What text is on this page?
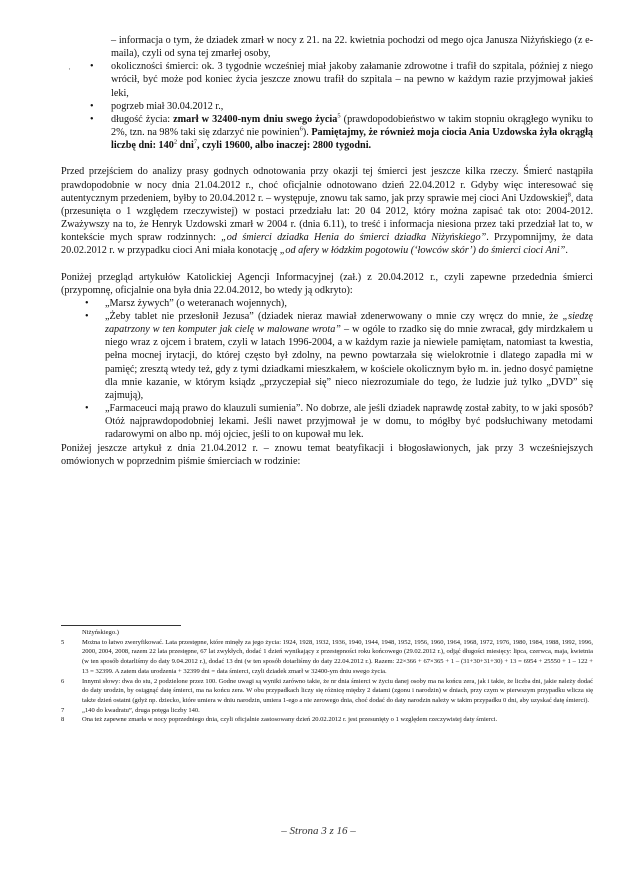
·
– informacja o tym, że dziadek zmarł w nocy z 21. na 22. kwietnia pochodzi od mego ojca Janusza Niżyńskiego (z e-maila), czyli od syna tej zmarłej osoby,
• okoliczności śmierci: ok. 3 tygodnie wcześniej miał jakoby załamanie zdrowotne i trafił do szpitala, później z niego wrócił, być może pod koniec życia jeszcze znowu trafił do szpitala – na pewno w każdym razie przyjmował jakieś leki,
• pogrzeb miał 30.04.2012 r.,
• długość życia: zmarł w 32400-nym dniu swego życia$^5$ (prawdopodobieństwo w takim stopniu okrągłego wyniku to 2%, tzn. na 98% taki się zdarzyć nie powinien$^6$). Pamiętajmy, że również moja ciocia Ania Uzdowska żyła okrągłą liczbę dni: $140^2$ dni$^7$, czyli 19600, albo inaczej: 2800 tygodni.

Przed przejściem do analizy prasy godnych odnotowania przy okazji tej śmierci jest jeszcze kilka rzeczy. Śmierć nastąpiła prawdopodobnie w nocy dnia 21.04.2012 r., choć oficjalnie odnotowano dzień 22.04.2012 r. Gdyby więc interesować się autentycznym przedeniem, byłby to 20.04.2012 r. – występuje, znowu tak samo, jak przy sprawie mej cioci Ani Uzdowskiej$^8$, data (przesunięta o 1 względem rzeczywistej) w postaci przedziału lat: 20 04 2012, który można zapisać tak oto: 2004-2012. Zważywszy na to, że Henryk Uzdowski zmarł w 2004 r. (dnia 6.11), to treść i informacja niesiona przez taki przedział lat to, w kontekście mych spraw rodzinnych: „od śmierci dziadka Henia do śmierci dziadka Niżyńskiego”. Przypomnijmy, że data 20.02.2012 r. w przypadku cioci Ani miała konotację „od afery w łódzkim pogotowiu (‘łowców skór’) do śmierci cioci Ani”.

Poniżej przegląd artykułów Katolickiej Agencji Informacyjnej (zał.) z 20.04.2012 r., czyli zapewne przedednia śmierci (przypomnę, oficjalnie ona była dnia 22.04.2012, bo wtedy ją odkryto):

• „Marsz żywych” (o weteranach wojennych),
• „Żeby tablet nie przesłonił Jezusa” (dziadek nieraz mawiał zdenerwowany o mnie czy wręcz do mnie, że „siedzę zapatrzony w ten komputer jak cielę w malowane wrota” – w ogóle to rzadko się do mnie zwracał, gdy mirdzkałem u niego wraz z ojcem i bratem, czyli w latach 1996-2004, a w każdym razie ja niewiele pamiętam, natomiast ta kwestia, pełna mocnej irytacji, do której często był zdolny, na pewno powtarzała się wielokrotnie i dlatego zapadła mi w pamięć; zresztą wtedy też, gdy z tymi dziadkami mieszkałem, w kościele okolicznym było m. in. jedno dosyć pamiętne dla mnie kazanie, w którym ksiądz „przyczepiał się” nieco niezrozumiale do tego, że ludzie już tylko „DVD” się zajmują),
• „Farmaceuci mają prawo do klauzuli sumienia”. No dobrze, ale jeśli dziadek naprawdę został zabity, to w jaki sposób? Otóż najprawdopodobniej lekami. Jeśli nawet przyjmował je w domu, to mógłby być podsłuchiwany metodami radarowymi on albo np. mój ojciec, jeśli to on kupował mu lek.

Poniżej jeszcze artykuł z dnia 21.04.2012 r. – znowu temat beatyfikacji i błogosławionych, jak przy 3 wcześniejszych omówionych w poprzednim piśmie śmierciach w rodzinie:

Niżyńskiego.)
5	Można to łatwo zweryfikować. Lata przestępne, które minęły za jego życia: 1924, 1928, 1932, 1936, 1940, 1944, 1948, 1952, 1956, 1960, 1964, 1968, 1972, 1976, 1980, 1984, 1988, 1992, 1996, 2000, 2004, 2008, razem 22 lata przestępne, 67 lat zwykłych, dodać 1 dzień wynikający z przestępności roku końcowego (29.02.2012 r.), odjąć długości miesięcy: lipca, czerwca, maja, kwietnia (w ten sposób dotarliśmy do daty 9.04.2012 r.), dodać 13 dni (w ten sposób dotarliśmy do daty 22.04.2012 r.). Razem: 22×366 + 67×365 + 1 – (31+30+31+30) + 13 = 6954 + 25550 + 1 – 122 + 13 = 32399. A zatem data urodzenia + 32399 dni = data śmierci, czyli dziadek zmarł w 32400-ym dniu swego życia.
6	Innymi słowy: dwa do stu, 2 podzielone przez 100. Godne uwagi są wyniki zarówno takie, że nr dnia śmierci w życiu danej osoby ma na końcu zera, jak i takie, że liczba dni, jakie należy dodać do daty urodzin, by osiągnąć datę śmierci, ma na końcu zera. W obu przypadkach liczy się różnicę między 2 datami (zgonu i narodzin) w dniach, przy czym w pierwszym przypadku wlicza się także dzień ostatni (gdyż np. dziecko, które umiera w dniu narodzin, umiera 1-ego a nie zerowego dnia, choć dodać do daty narodzin należy w takim przypadku 0 dni, aby uzyskać datę śmierci).
7	„140 do kwadratu”, druga potęga liczby 140.
8	Ona też zapewne zmarła w nocy poprzedniego dnia, czyli oficjalnie zastosowany dzień 20.02.2012 r. jest przesunięty o 1 względem rzeczywistej daty śmierci.
– Strona 3 z 16 –
